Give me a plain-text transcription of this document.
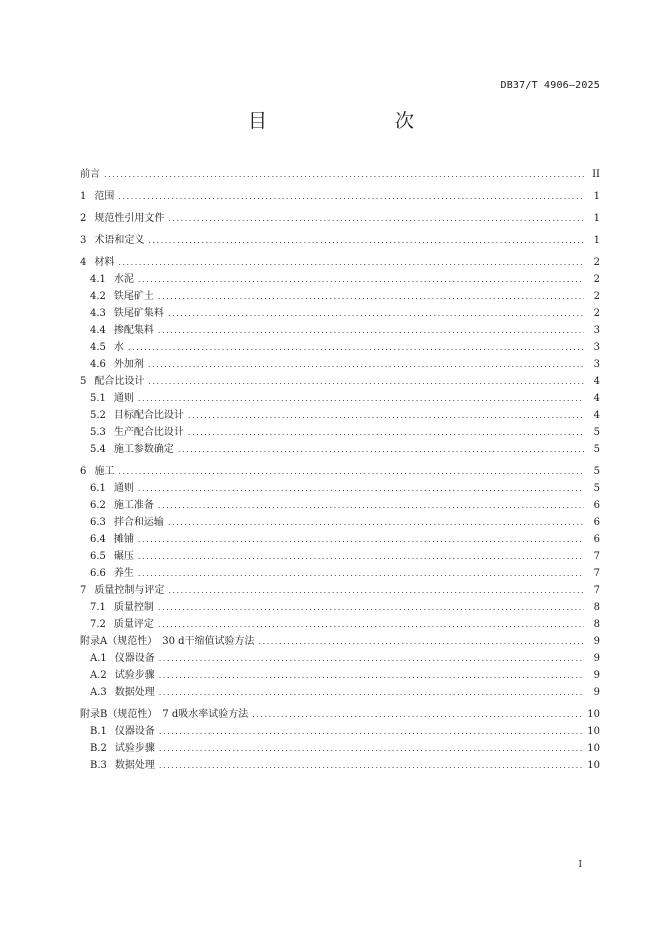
DB37/T 4906—2025
目　　次
前言 . . .	II
1 范围 . . .	1
2 规范性引用文件 . . .	1
3 术语和定义 . . .	1
4 材料 . . .	2
4.1 水泥 . . .	2
4.2 铁尾矿土 . . .	2
4.3 铁尾矿集料 . . .	2
4.4 掺配集料 . . .	3
4.5 水 . . .	3
4.6 外加剂 . . .	3
5 配合比设计 . . .	4
5.1 通则 . . .	4
5.2 目标配合比设计 . . .	4
5.3 生产配合比设计 . . .	5
5.4 施工参数确定 . . .	5
6 施工 . . .	5
6.1 通则 . . .	5
6.2 施工准备 . . .	6
6.3 拌合和运输 . . .	6
6.4 摊铺 . . .	6
6.5 碾压 . . .	7
6.6 养生 . . .	7
7 质量控制与评定 . . .	7
7.1 质量控制 . . .	8
7.2 质量评定 . . .	8
附录A（规范性）　30 d干缩值试验方法 . . .	9
A.1 仪器设备 . . .	9
A.2 试验步骤 . . .	9
A.3 数据处理 . . .	9
附录B（规范性）　7 d吸水率试验方法 . . .	10
B.1 仪器设备 . . .	10
B.2 试验步骤 . . .	10
B.3 数据处理 . . .	10
I
